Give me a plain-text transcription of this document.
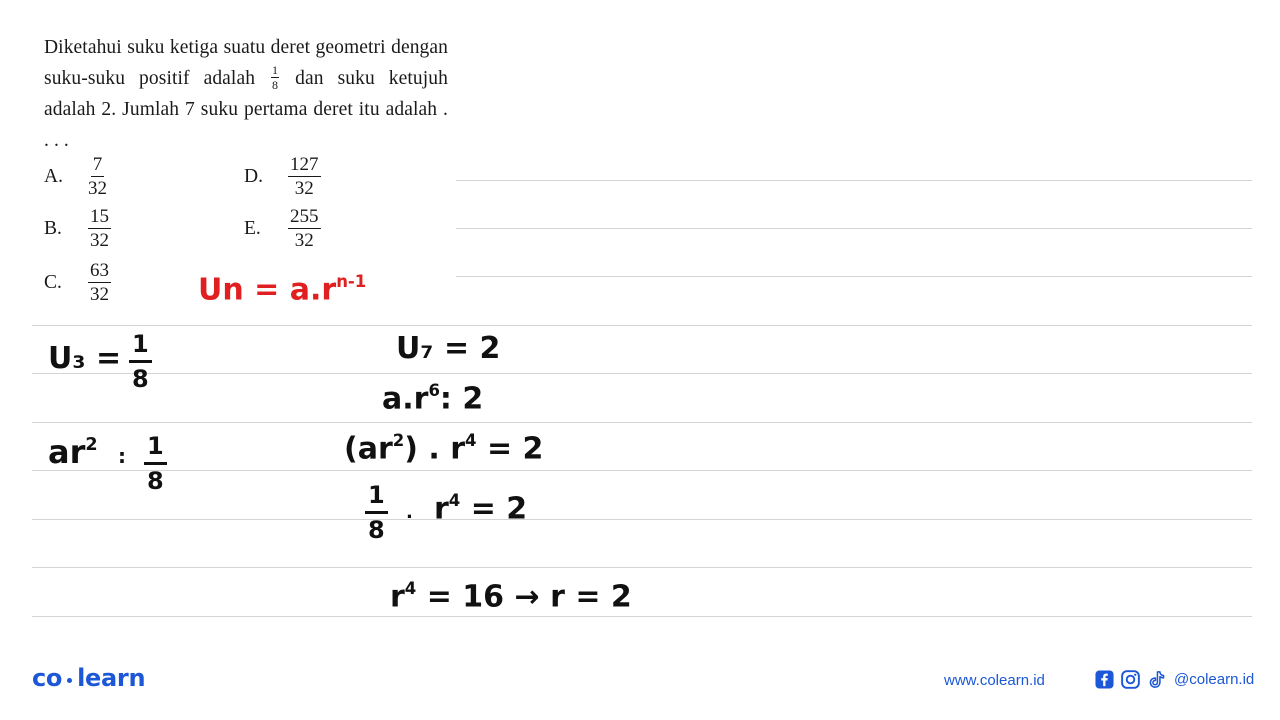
Diketahui suku ketiga suatu deret geometri dengan suku-suku positif adalah $\frac{1}{8}$ dan suku ketujuh adalah 2. Jumlah 7 suku pertama deret itu adalah . . . .
A.	$\frac{7}{32}$
B.	$\frac{15}{32}$
C.	$\frac{63}{32}$
D.	$\frac{127}{32}$
E.	$\frac{255}{32}$
$Un = a.r^{n-1}$
$U_3 = \frac{1}{8}$
$ar^2$ : $\frac{1}{8}$
U₇ = 2
$a.r^6$: 2
$(ar^2)$ . $r^4 = 2$
$\frac{1}{8}$ . $r^4 = 2$
$r^4 = 16 \to r = 2$
co learn	www.colearn.id	@colearn.id
